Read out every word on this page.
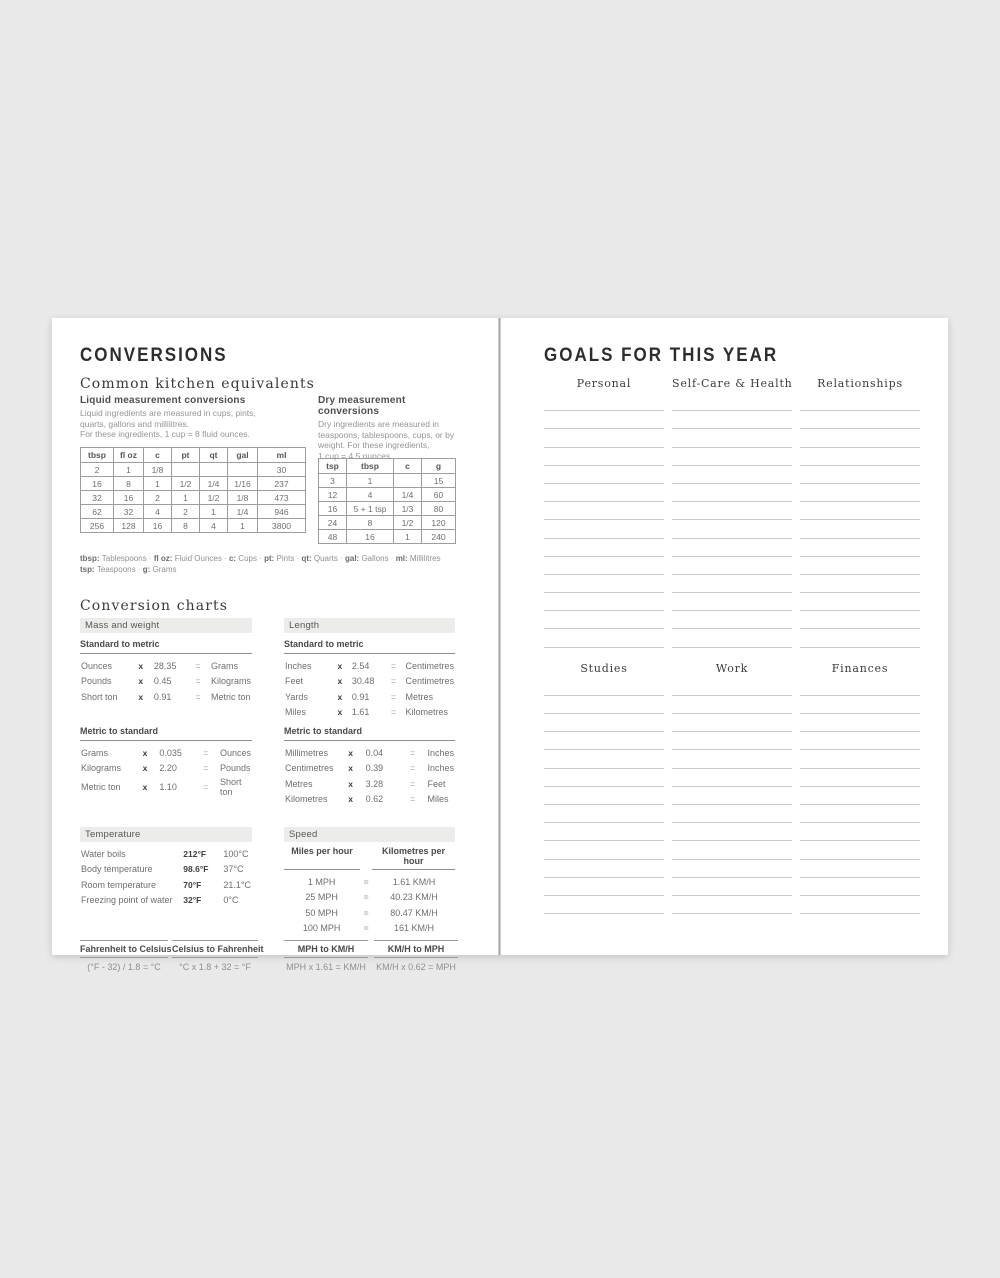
CONVERSIONS
Common kitchen equivalents
Liquid measurement conversions
Liquid ingredients are measured in cups, pints,
quarts, gallons and millilitres.
For these ingredients, 1 cup = 8 fluid ounces.
tbsp	fl oz	c	pt	qt	gal	ml
2	1	1/8				30
16	8	1	1/2	1/4	1/16	237
32	16	2	1	1/2	1/8	473
62	32	4	2	1	1/4	946
256	128	16	8	4	1	3800
Dry measurement conversions
Dry ingredients are measured in
teaspoons, tablespoons, cups, or by
weight. For these ingredients,
1 cup = 4.5 ounces.
tsp	tbsp	c	g
3	1		15
12	4	1/4	60
16	5 + 1 tsp	1/3	80
24	8	1/2	120
48	16	1	240
tbsp: Tablespoons · fl oz: Fluid Ounces · c: Cups · pt: Pints · qt: Quarts · gal: Gallons · ml: Millilitres
tsp: Teaspoons · g: Grams
Conversion charts
Mass and weight
Standard to metric
Ounces	x	28.35	=	Grams
Pounds	x	0.45	=	Kilograms
Short ton	x	0.91	=	Metric ton
Metric to standard
Grams	x	0.035	=	Ounces
Kilograms	x	2.20	=	Pounds
Metric ton	x	1.10	=	Short ton
Length
Standard to metric
Inches	x	2.54	=	Centimetres
Feet	x	30.48	=	Centimetres
Yards	x	0.91	=	Metres
Miles	x	1.61	=	Kilometres
Metric to standard
Millimetres	x	0.04	=	Inches
Centimetres	x	0.39	=	Inches
Metres	x	3.28	=	Feet
Kilometres	x	0.62	=	Miles
Temperature
Water boils	212°F	100°C
Body temperature	98.6°F	37°C
Room temperature	70°F	21.1°C
Freezing point of water	32°F	0°C
Speed
Miles per hour	Kilometres per hour
1 MPH	=	1.61 KM/H
25 MPH	=	40.23 KM/H
50 MPH	=	80.47 KM/H
100 MPH	=	161 KM/H
Fahrenheit to Celsius
(°F - 32) / 1.8 = °C
Celsius to Fahrenheit
°C x 1.8 + 32 = °F
MPH to KM/H
MPH x 1.61 = KM/H
KM/H to MPH
KM/H x 0.62 = MPH
GOALS FOR THIS YEAR
Personal	Self-Care & Health	Relationships
Studies	Work	Finances
